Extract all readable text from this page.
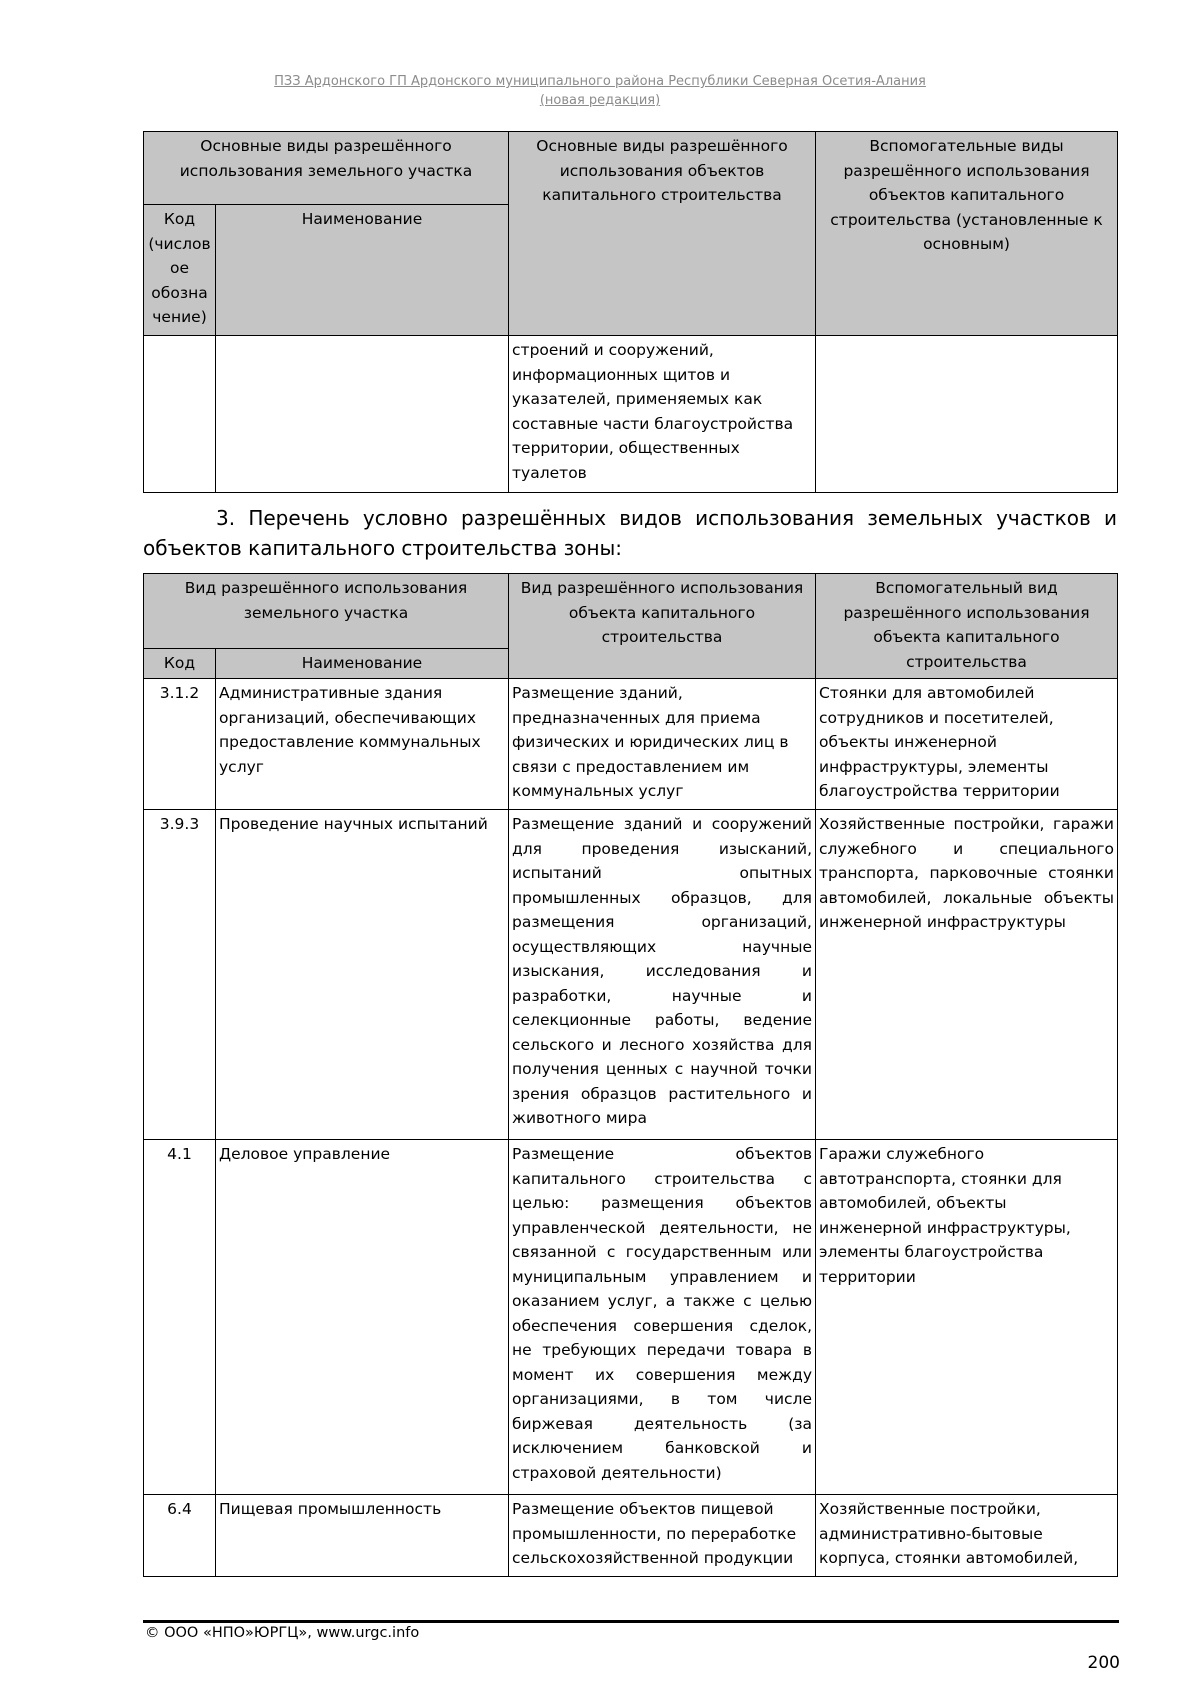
ПЗЗ Ардонского ГП Ардонского муниципального района Республики Северная Осетия-Алания
(новая редакция)
Основные виды разрешённого использования земельного участка		Основные виды разрешённого использования объектов капитального строительства	Вспомогательные виды разрешённого использования объектов капитального строительства (установленные к основным)
Код (числов ое обозна чение)	Наименование		
		строений и сооружений, информационных щитов и указателей, применяемых как составные части благоустройства территории, общественных туалетов	
3. Перечень условно разрешённых видов использования земельных участков и объектов капитального строительства зоны:
Вид разрешённого использования земельного участка		Вид разрешённого использования объекта капитального строительства	Вспомогательный вид разрешённого использования объекта капитального строительства
Код	Наименование		
3.1.2	Административные здания организаций, обеспечивающих предоставление коммунальных услуг	Размещение зданий, предназначенных для приема физических и юридических лиц в связи с предоставлением им коммунальных услуг	Стоянки для автомобилей сотрудников и посетителей, объекты инженерной инфраструктуры, элементы благоустройства территории
3.9.3	Проведение научных испытаний	Размещение зданий и сооружений для проведения изысканий, испытаний опытных промышленных образцов, для размещения организаций, осуществляющих научные изыскания, исследования и разработки, научные и селекционные работы, ведение сельского и лесного хозяйства для получения ценных с научной точки зрения образцов растительного и животного мира	Хозяйственные постройки, гаражи служебного и специального транспорта, парковочные стоянки автомобилей, локальные объекты инженерной инфраструктуры
4.1	Деловое управление	Размещение объектов капитального строительства с целью: размещения объектов управленческой деятельности, не связанной с государственным или муниципальным управлением и оказанием услуг, а также с целью обеспечения совершения сделок, не требующих передачи товара в момент их совершения между организациями, в том числе биржевая деятельность (за исключением банковской и страховой деятельности)	Гаражи служебного автотранспорта, стоянки для автомобилей, объекты инженерной инфраструктуры, элементы благоустройства территории
6.4	Пищевая промышленность	Размещение объектов пищевой промышленности, по переработке сельскохозяйственной продукции	Хозяйственные постройки, административно-бытовые корпуса, стоянки автомобилей,
© ООО «НПО»ЮРГЦ», www.urgc.info
200
